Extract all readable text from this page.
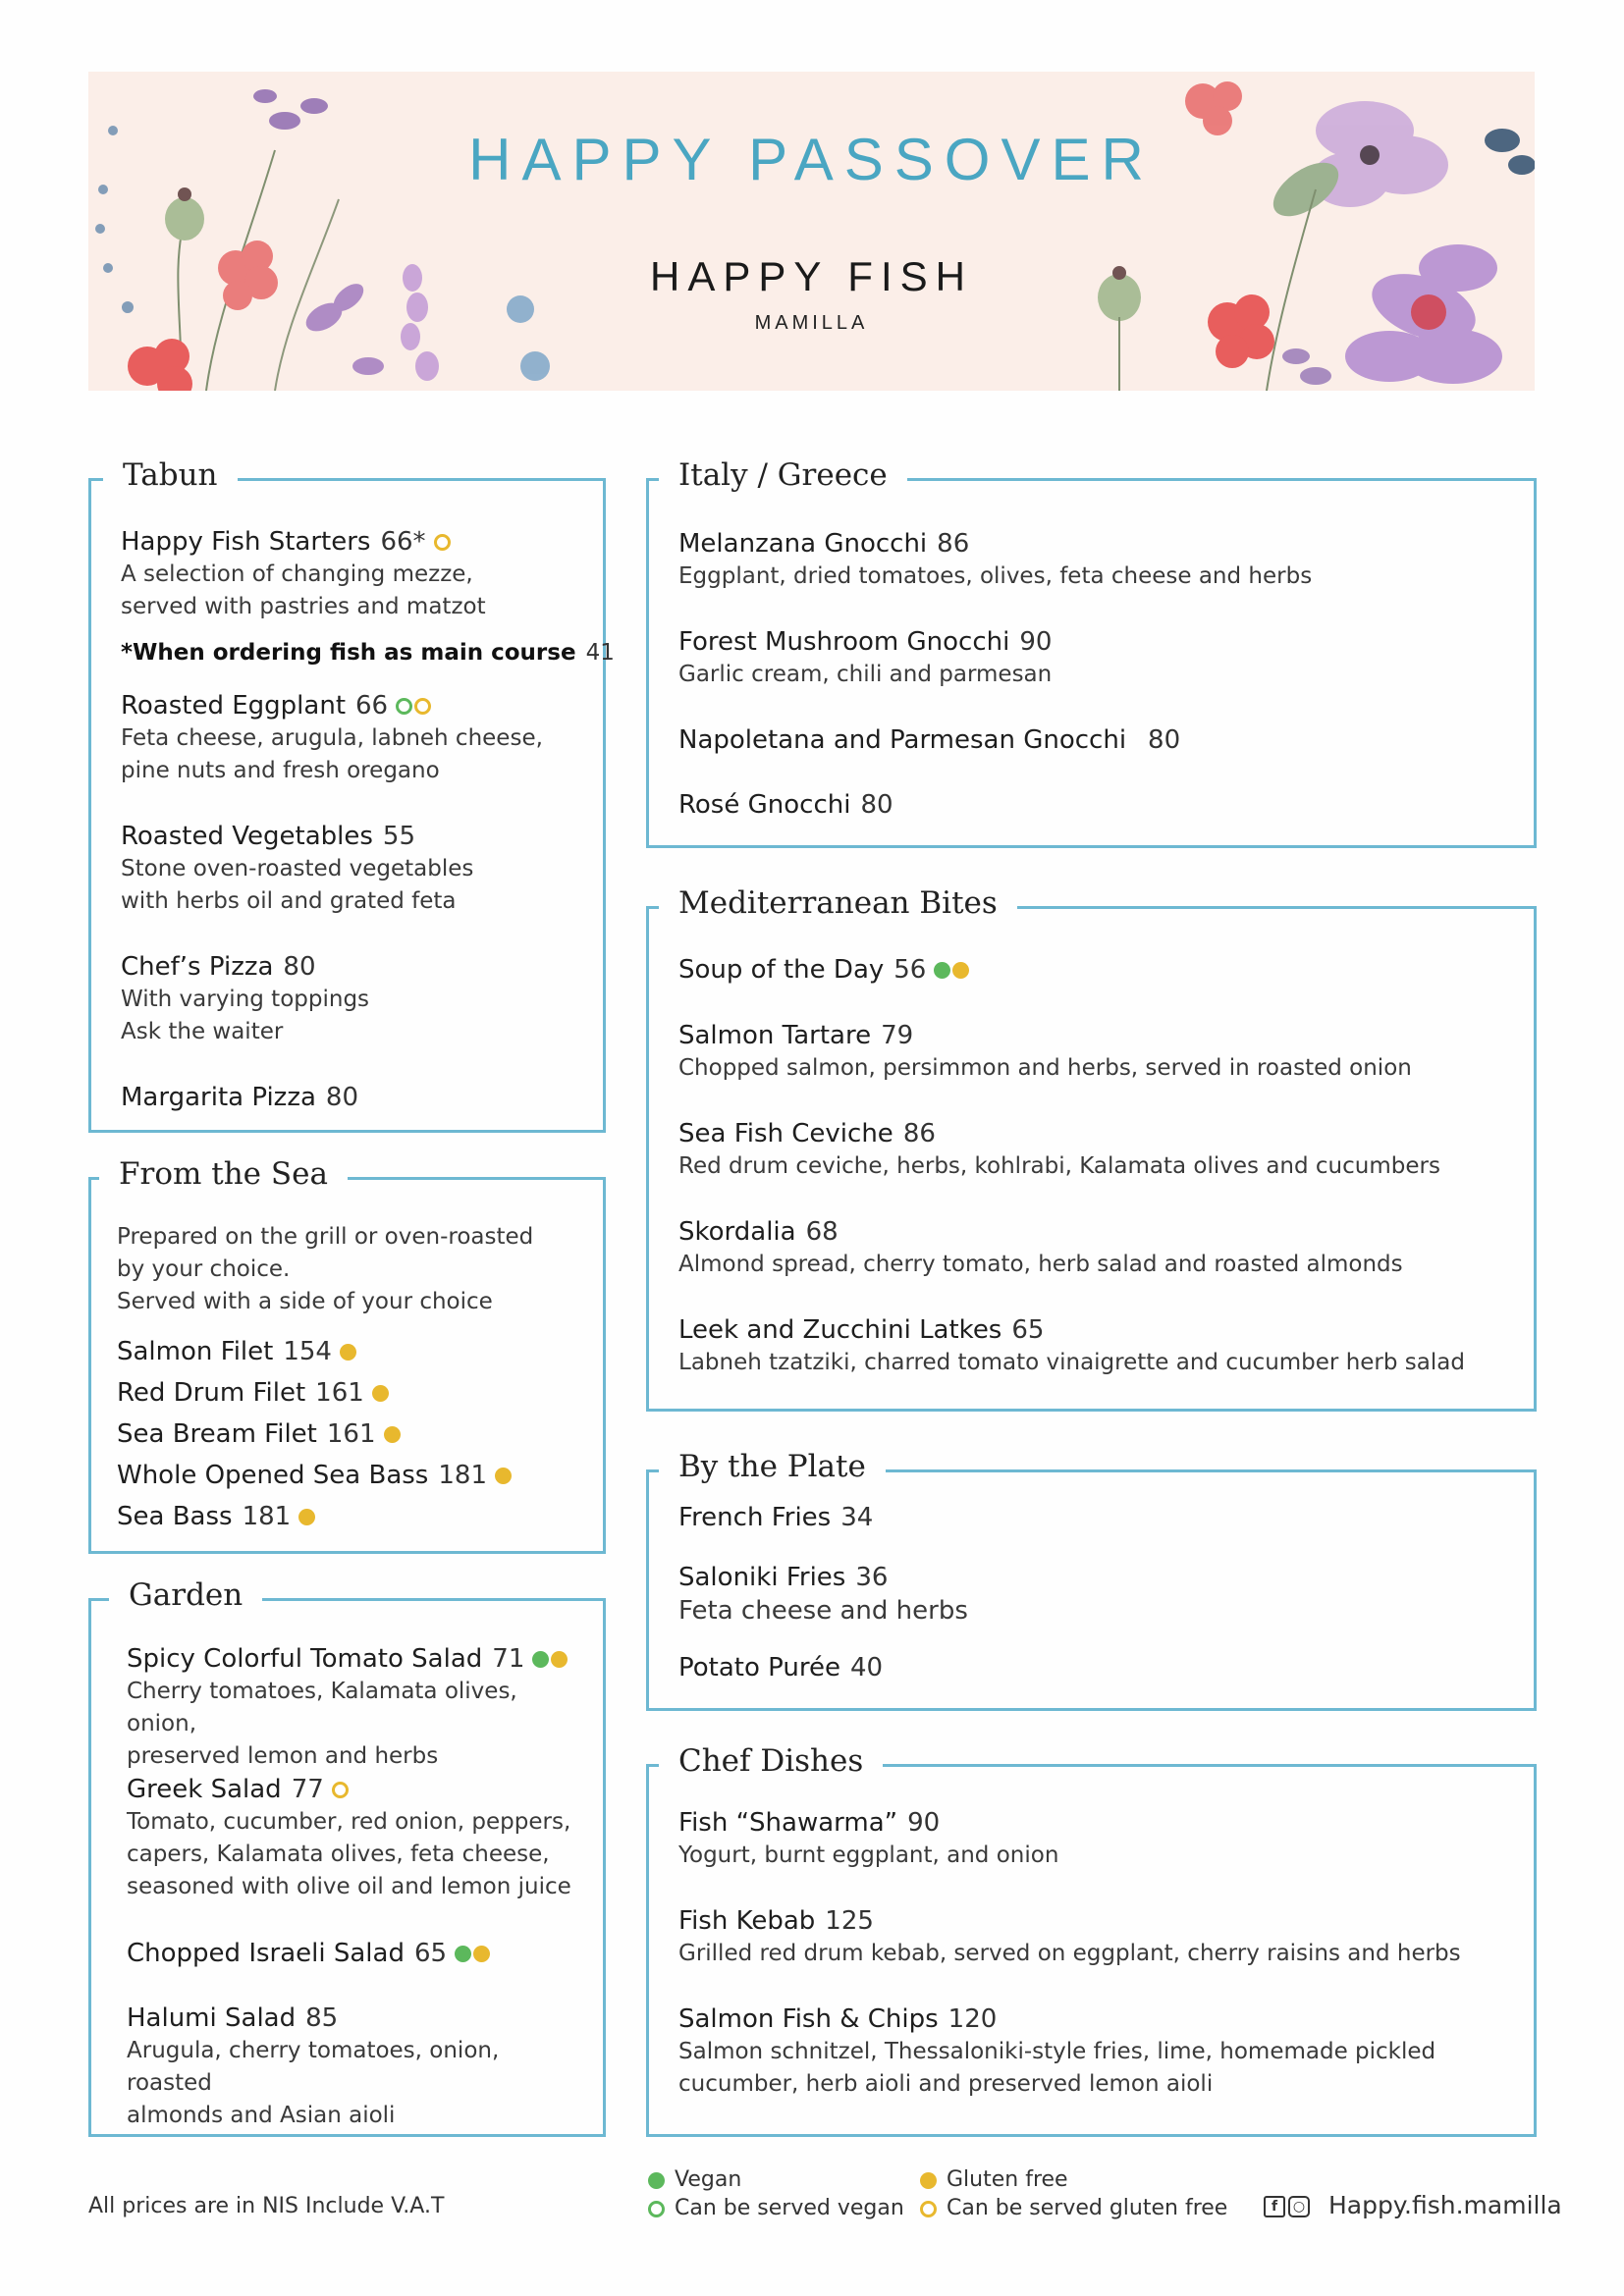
HAPPY PASSOVER
HAPPY FISH
MAMILLA
Tabun
Happy Fish Starters 66*
A selection of changing mezze,
served with pastries and matzot
*When ordering fish as main course 41
Roasted Eggplant 66
Feta cheese, arugula, labneh cheese,
pine nuts and fresh oregano
Roasted Vegetables 55
Stone oven-roasted vegetables
with herbs oil and grated feta
Chef’s Pizza 80
With varying toppings
Ask the waiter
Margarita Pizza 80
From the Sea
Prepared on the grill or oven-roasted
by your choice.
Served with a side of your choice
Salmon Filet 154
Red Drum Filet 161
Sea Bream Filet 161
Whole Opened Sea Bass 181
Sea Bass 181
Garden
Spicy Colorful Tomato Salad 71
Cherry tomatoes, Kalamata olives, onion,
preserved lemon and herbs
Greek Salad 77
Tomato, cucumber, red onion, peppers,
capers, Kalamata olives, feta cheese,
seasoned with olive oil and lemon juice
Chopped Israeli Salad 65
Halumi Salad 85
Arugula, cherry tomatoes, onion, roasted
almonds and Asian aioli
Italy / Greece
Melanzana Gnocchi 86
Eggplant, dried tomatoes, olives, feta cheese and herbs
Forest Mushroom Gnocchi 90
Garlic cream, chili and parmesan
Napoletana and Parmesan Gnocchi 80
Rosé Gnocchi 80
Mediterranean Bites
Soup of the Day 56
Salmon Tartare 79
Chopped salmon, persimmon and herbs, served in roasted onion
Sea Fish Ceviche 86
Red drum ceviche, herbs, kohlrabi, Kalamata olives and cucumbers
Skordalia 68
Almond spread, cherry tomato, herb salad and roasted almonds
Leek and Zucchini Latkes 65
Labneh tzatziki, charred tomato vinaigrette and cucumber herb salad
By the Plate
French Fries 34
Saloniki Fries 36
Feta cheese and herbs
Potato Purée 40
Chef Dishes
Fish “Shawarma” 90
Yogurt, burnt eggplant, and onion
Fish Kebab 125
Grilled red drum kebab, served on eggplant, cherry raisins and herbs
Salmon Fish & Chips 120
Salmon schnitzel, Thessaloniki-style fries, lime, homemade pickled
cucumber, herb aioli and preserved lemon aioli
All prices are in NIS Include V.A.T
Vegan
Can be served vegan
Gluten free
Can be served gluten free	f ○ Happy.fish.mamilla
